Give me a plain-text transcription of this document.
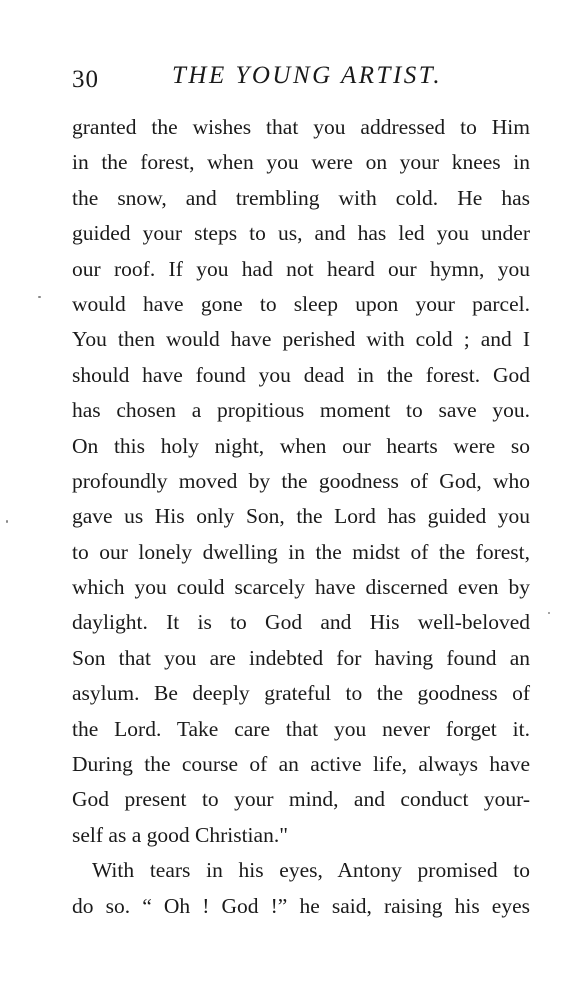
30	THE YOUNG ARTIST.
granted the wishes that you addressed to Him
in the forest, when you were on your knees in
the snow, and trembling with cold. He has
guided your steps to us, and has led you under
our roof. If you had not heard our hymn, you
would have gone to sleep upon your parcel.
You then would have perished with cold ; and I
should have found you dead in the forest. God
has chosen a propitious moment to save you.
On this holy night, when our hearts were so
profoundly moved by the goodness of God, who
gave us His only Son, the Lord has guided you
to our lonely dwelling in the midst of the forest,
which you could scarcely have discerned even by
daylight. It is to God and His well-beloved
Son that you are indebted for having found an
asylum. Be deeply grateful to the goodness of
the Lord. Take care that you never forget it.
During the course of an active life, always have
God present to your mind, and conduct your-
self as a good Christian."
With tears in his eyes, Antony promised to
do so. “ Oh ! God !” he said, raising his eyes
